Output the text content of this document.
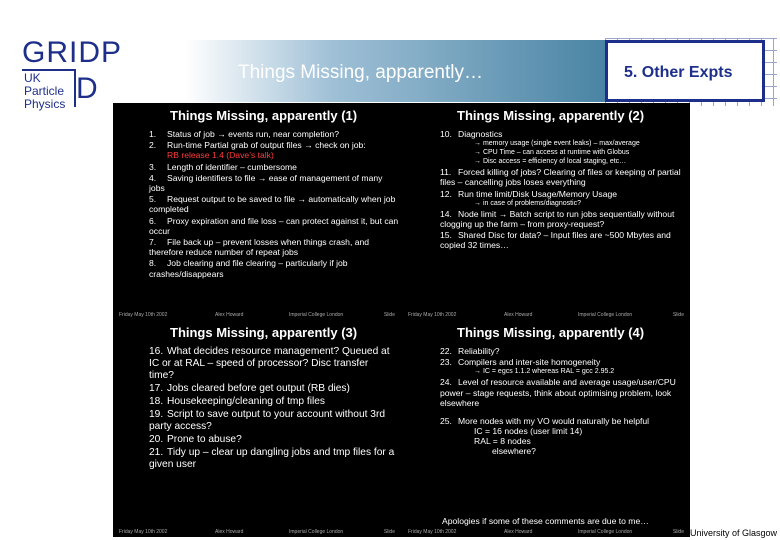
GRIDP
UK
Particle
Physics D	Things Missing, apparently…	5. Other Expts
Things Missing, apparently (1)
1. Status of job → events run, near completion?
2. Run-time Partial grab of output files → check on job:
RB release 1.4 (Dave’s talk)
3. Length of identifier – cumbersome
4. Saving identifiers to file → ease of management of many jobs
5. Request output to be saved to file → automatically when job completed
6. Proxy expiration and file loss – can protect against it, but can occur
7. File back up – prevent losses when things crash, and therefore reduce number of repeat jobs
8. Job clearing and file clearing – particularly if job crashes/disappears
Friday May 10th 2002	Alex Howard	Imperial College London	Slide
Things Missing, apparently (2)
10. Diagnostics
→ memory usage (single event leaks) – max/average
→ CPU Time – can access at runtime with Globus
→ Disc access = efficiency of local staging, etc…
11. Forced killing of jobs? Clearing of files or keeping of partial files – cancelling jobs loses everything
12. Run time limit/Disk Usage/Memory Usage
→ in case of problems/diagnostic?
14. Node limit → Batch script to run jobs sequentially without clogging up the farm – from proxy-request?
15. Shared Disc for data? – Input files are ~500 Mbytes and copied 32 times…
Friday May 10th 2002	Alex Howard	Imperial College London	Slide
Things Missing, apparently (3)
16. What decides resource management? Queued at IC or at RAL – speed of processor? Disc transfer time?
17. Jobs cleared before get output (RB dies)
18. Housekeeping/cleaning of tmp files
19. Script to save output to your account without 3rd party access?
20. Prone to abuse?
21. Tidy up – clear up dangling jobs and tmp files for a given user
Friday May 10th 2002	Alex Howard	Imperial College London	Slide
Things Missing, apparently (4)
22. Reliability?
23. Compilers and inter-site homogeneity
→ IC = egcs 1.1.2 whereas RAL = gcc 2.95.2
24. Level of resource available and average usage/user/CPU power – stage requests, think about optimising problem, look elsewhere
25. More nodes with my VO would naturally be helpful
IC = 16 nodes (user limit 14)
RAL = 8 nodes
elsewhere?
Apologies if some of these comments are due to me…
Friday May 10th 2002	Alex Howard	Imperial College London	Slide University of Glasgow
